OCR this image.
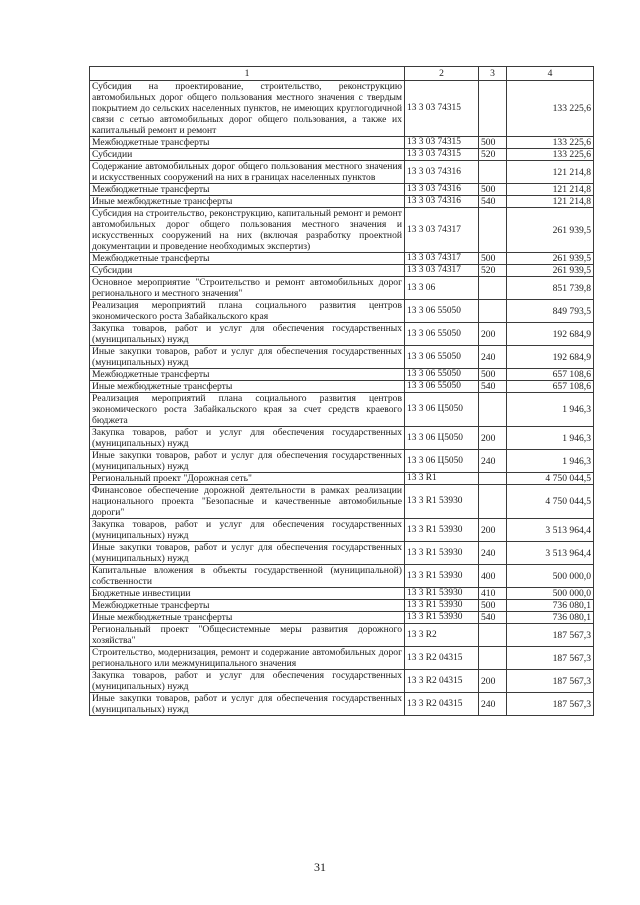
1	2	3	4
Субсидия на проектирование, строительство, реконструкцию автомобильных дорог общего пользования местного значения с твердым покрытием до сельских населенных пунктов, не имеющих круглогодичной связи с сетью автомобильных дорог общего пользования, а также их капитальный ремонт и ремонт	13 3 03 74315		133 225,6
Межбюджетные трансферты	13 3 03 74315	500	133 225,6
Субсидии	13 3 03 74315	520	133 225,6
Содержание автомобильных дорог общего пользования местного значения и искусственных сооружений на них в границах населенных пунктов	13 3 03 74316		121 214,8
Межбюджетные трансферты	13 3 03 74316	500	121 214,8
Иные межбюджетные трансферты	13 3 03 74316	540	121 214,8
Субсидия на строительство, реконструкцию, капитальный ремонт и ремонт автомобильных дорог общего пользования местного значения и искусственных сооружений на них (включая разработку проектной документации и проведение необходимых экспертиз)	13 3 03 74317		261 939,5
Межбюджетные трансферты	13 3 03 74317	500	261 939,5
Субсидии	13 3 03 74317	520	261 939,5
Основное мероприятие "Строительство и ремонт автомобильных дорог регионального и местного значения"	13 3 06		851 739,8
Реализация мероприятий плана социального развития центров экономического роста Забайкальского края	13 3 06 55050		849 793,5
Закупка товаров, работ и услуг для обеспечения государственных (муниципальных) нужд	13 3 06 55050	200	192 684,9
Иные закупки товаров, работ и услуг для обеспечения государственных (муниципальных) нужд	13 3 06 55050	240	192 684,9
Межбюджетные трансферты	13 3 06 55050	500	657 108,6
Иные межбюджетные трансферты	13 3 06 55050	540	657 108,6
Реализация мероприятий плана социального развития центров экономического роста Забайкальского края за счет средств краевого бюджета	13 3 06 Ц5050		1 946,3
Закупка товаров, работ и услуг для обеспечения государственных (муниципальных) нужд	13 3 06 Ц5050	200	1 946,3
Иные закупки товаров, работ и услуг для обеспечения государственных (муниципальных) нужд	13 3 06 Ц5050	240	1 946,3
Региональный проект "Дорожная сеть"	13 3 R1		4 750 044,5
Финансовое обеспечение дорожной деятельности в рамках реализации национального проекта "Безопасные и качественные автомобильные дороги"	13 3 R1 53930		4 750 044,5
Закупка товаров, работ и услуг для обеспечения государственных (муниципальных) нужд	13 3 R1 53930	200	3 513 964,4
Иные закупки товаров, работ и услуг для обеспечения государственных (муниципальных) нужд	13 3 R1 53930	240	3 513 964,4
Капитальные вложения в объекты государственной (муниципальной) собственности	13 3 R1 53930	400	500 000,0
Бюджетные инвестиции	13 3 R1 53930	410	500 000,0
Межбюджетные трансферты	13 3 R1 53930	500	736 080,1
Иные межбюджетные трансферты	13 3 R1 53930	540	736 080,1
Региональный проект "Общесистемные меры развития дорожного хозяйства"	13 3 R2		187 567,3
Строительство, модернизация, ремонт и содержание автомобильных дорог регионального или межмуниципального значения	13 3 R2 04315		187 567,3
Закупка товаров, работ и услуг для обеспечения государственных (муниципальных) нужд	13 3 R2 04315	200	187 567,3
Иные закупки товаров, работ и услуг для обеспечения государственных (муниципальных) нужд	13 3 R2 04315	240	187 567,3
31
